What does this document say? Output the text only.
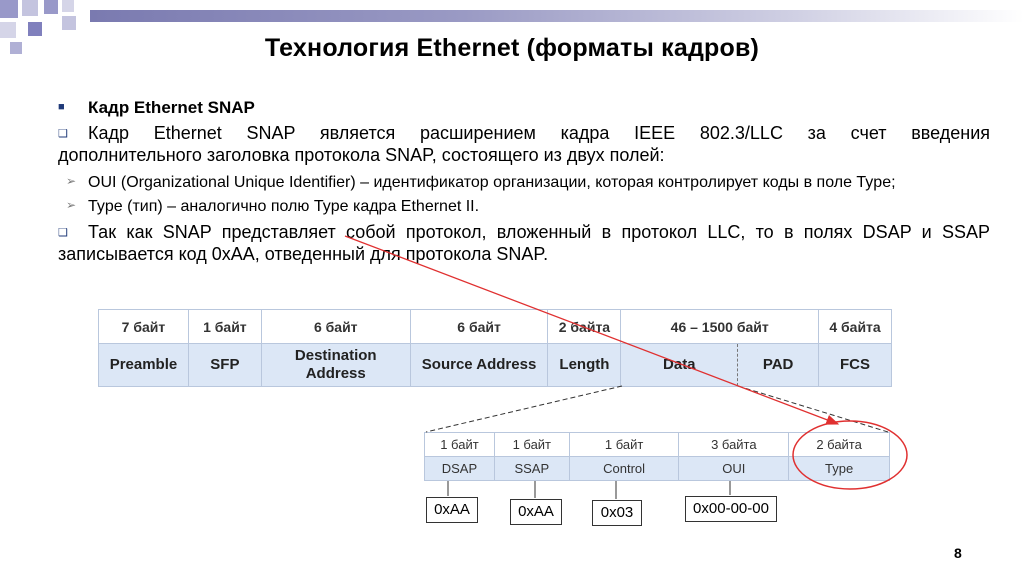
Технология Ethernet (форматы кадров)
■ Кадр Ethernet SNAP
❑ Кадр Ethernet SNAP является расширением кадра IEEE 802.3/LLC за счет введения
дополнительного заголовка протокола SNAP, состоящего из двух полей:
➢ OUI (Organizational Unique Identifier) – идентификатор организации, которая контролирует коды в поле Type;
➢ Type (тип) – аналогично полю Type кадра Ethernet II.
❑ Так как SNAP представляет собой протокол, вложенный в протокол LLC, то в полях DSAP и SSAP
записывается код 0xAA, отведенный для протокола SNAP.
7 байт	1 байт	6 байт	6 байт	2 байта	46 – 1500 байт		4 байта
Preamble	SFP	Destination
Address	Source Address	Length	Data	PAD	FCS
1 байт	1 байт	1 байт	3 байта	2 байта
DSAP	SSAP	Control	OUI	Type
0xAA	0xAA	0x03	0x00-00-00
8
